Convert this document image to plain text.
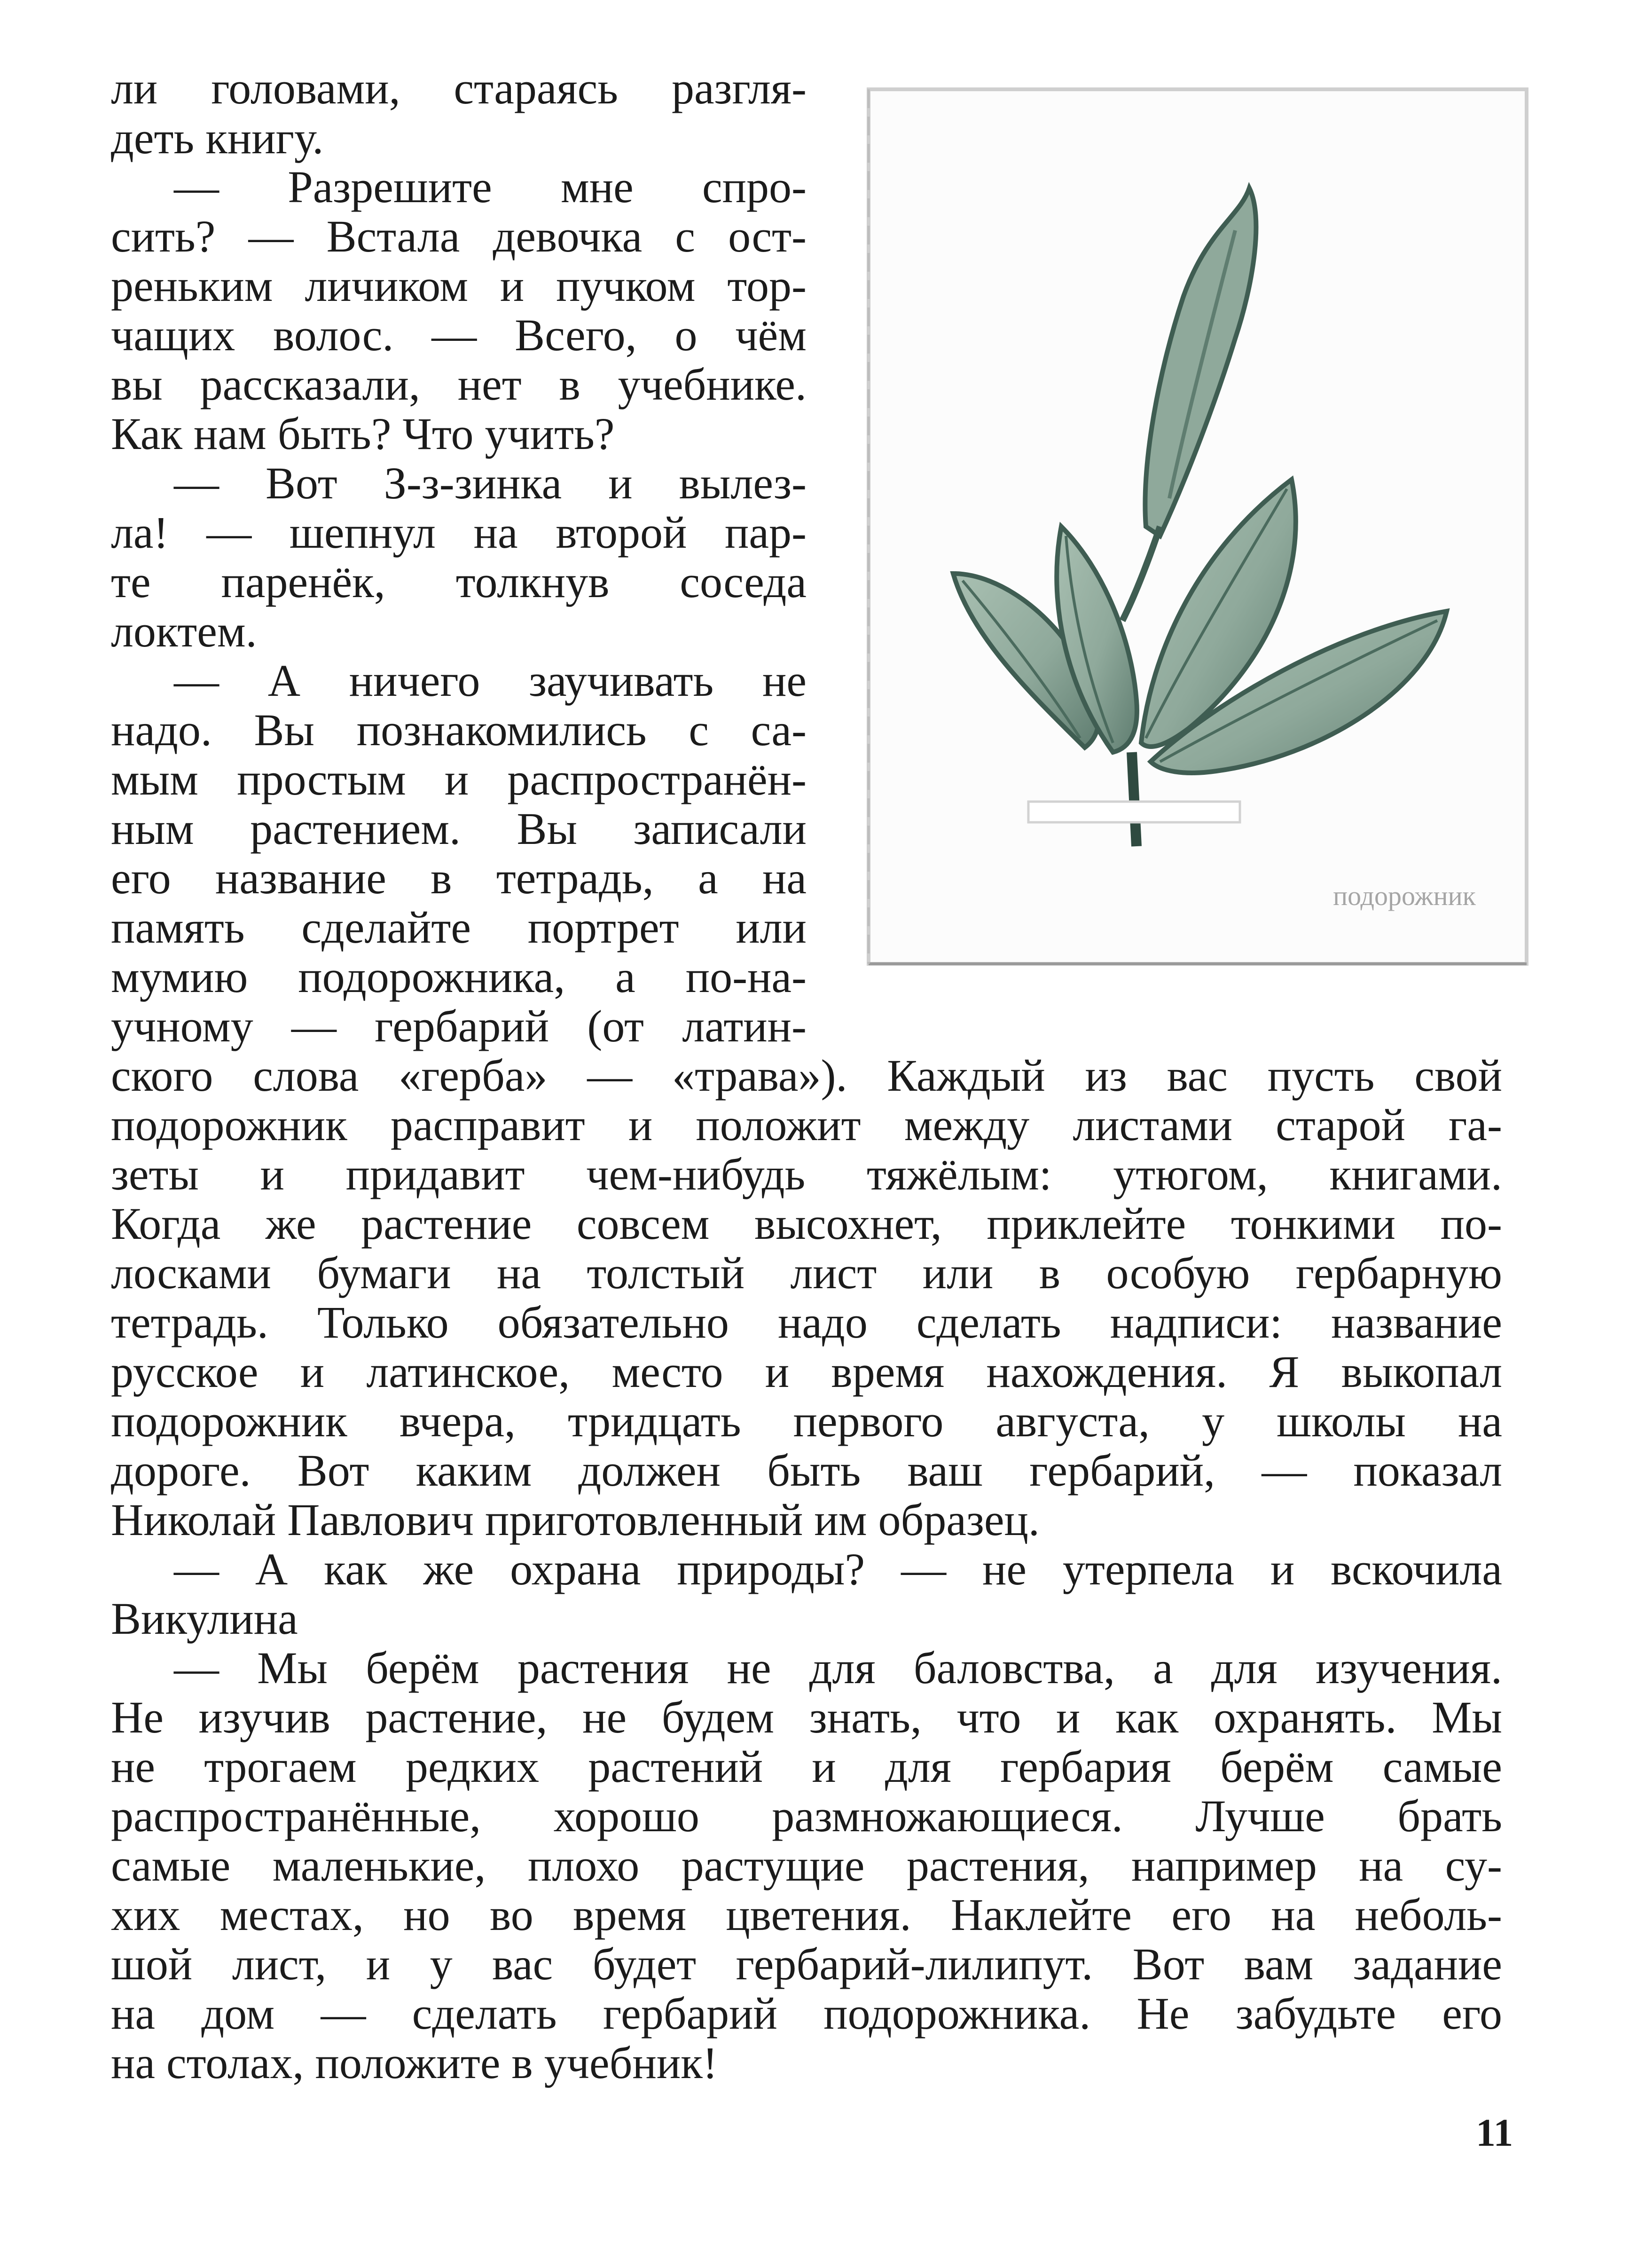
ли головами, стараясь разгля-
деть книгу.
— Разрешите мне спро-
сить? — Встала девочка с ост-
реньким личиком и пучком тор-
чащих волос. — Всего, о чём
вы рассказали, нет в учебнике.
Как нам быть? Что учить?
— Вот З-з-зинка и вылез-
ла! — шепнул на второй пар-
те паренёк, толкнув соседа
локтем.
— А ничего заучивать не
надо. Вы познакомились с са-
мым простым и распространён-
ным растением. Вы записали
его название в тетрадь, а на
память сделайте портрет или
мумию подорожника, а по-на-
учному — гербарий (от латин-
ского слова «герба» — «трава»). Каждый из вас пусть свой
подорожник расправит и положит между листами старой га-
зеты и придавит чем-нибудь тяжёлым: утюгом, книгами.
Когда же растение совсем высохнет, приклейте тонкими по-
лосками бумаги на толстый лист или в особую гербарную
тетрадь. Только обязательно надо сделать надписи: название
русское и латинское, место и время нахождения. Я выкопал
подорожник вчера, тридцать первого августа, у школы на
дороге. Вот каким должен быть ваш гербарий, — показал
Николай Павлович приготовленный им образец.
— А как же охрана природы? — не утерпела и вскочила
Викулина
— Мы берём растения не для баловства, а для изучения.
Не изучив растение, не будем знать, что и как охранять. Мы
не трогаем редких растений и для гербария берём самые
распространённые, хорошо размножающиеся. Лучше брать
самые маленькие, плохо растущие растения, например на су-
хих местах, но во время цветения. Наклейте его на неболь-
шой лист, и у вас будет гербарий-лилипут. Вот вам задание
на дом — сделать гербарий подорожника. Не забудьте его
на столах, положите в учебник!
подорожник
11
